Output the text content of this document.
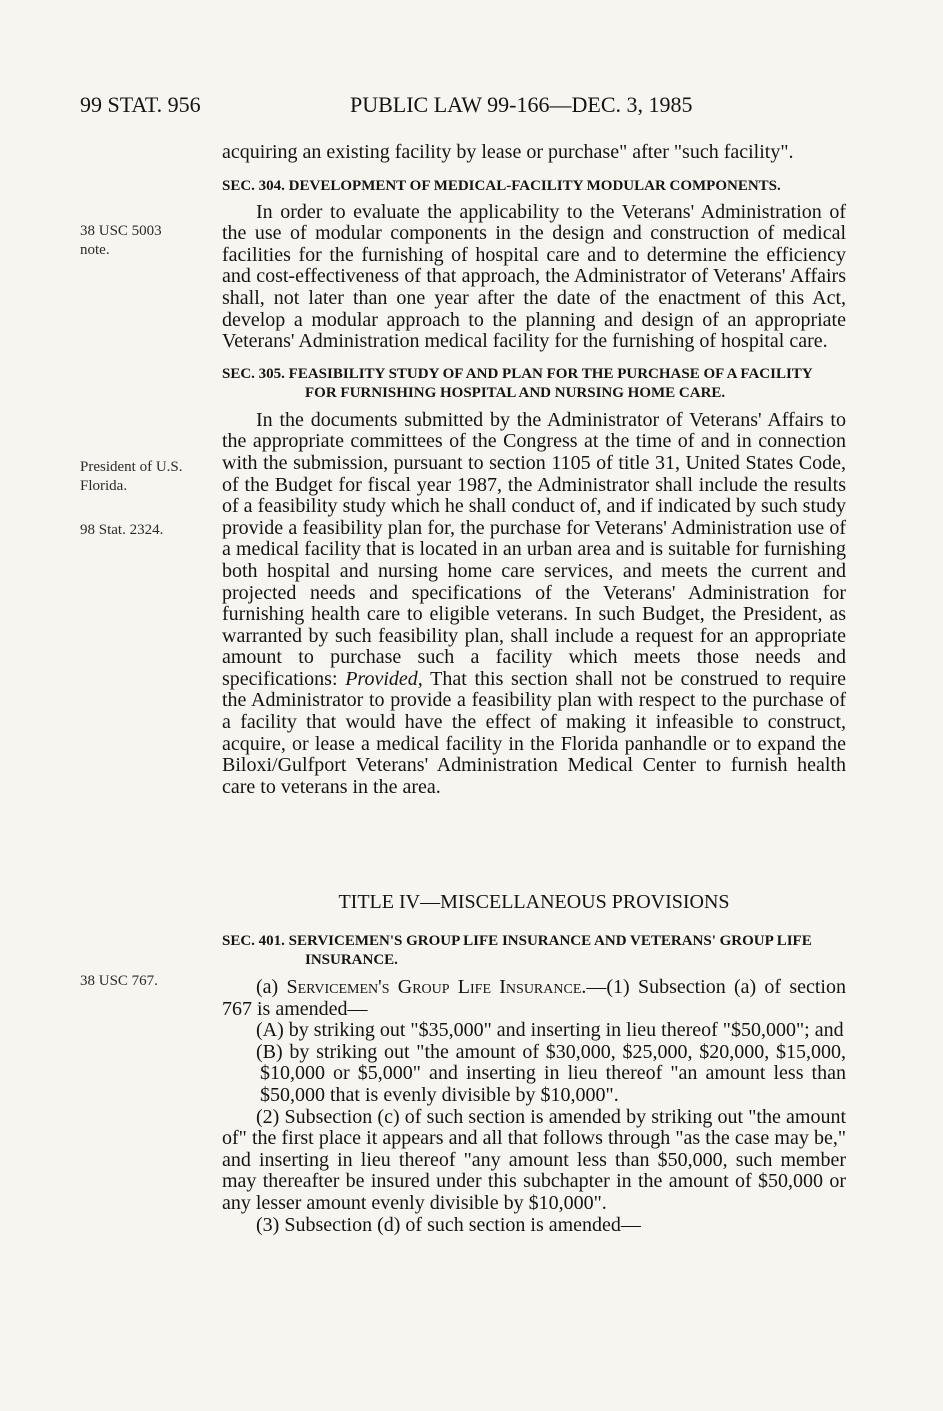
99 STAT. 956	PUBLIC LAW 99-166—DEC. 3, 1985
38 USC 5003 note.
President of U.S. Florida.
98 Stat. 2324.
38 USC 767.

acquiring an existing facility by lease or purchase" after "such facility".

SEC. 304. DEVELOPMENT OF MEDICAL-FACILITY MODULAR COMPONENTS.

In order to evaluate the applicability to the Veterans' Administration of the use of modular components in the design and construction of medical facilities for the furnishing of hospital care and to determine the efficiency and cost-effectiveness of that approach, the Administrator of Veterans' Affairs shall, not later than one year after the date of the enactment of this Act, develop a modular approach to the planning and design of an appropriate Veterans' Administration medical facility for the furnishing of hospital care.

SEC. 305. FEASIBILITY STUDY OF AND PLAN FOR THE PURCHASE OF A FACILITY FOR FURNISHING HOSPITAL AND NURSING HOME CARE.

In the documents submitted by the Administrator of Veterans' Affairs to the appropriate committees of the Congress at the time of and in connection with the submission, pursuant to section 1105 of title 31, United States Code, of the Budget for fiscal year 1987, the Administrator shall include the results of a feasibility study which he shall conduct of, and if indicated by such study provide a feasibility plan for, the purchase for Veterans' Administration use of a medical facility that is located in an urban area and is suitable for furnishing both hospital and nursing home care services, and meets the current and projected needs and specifications of the Veterans' Administration for furnishing health care to eligible veterans. In such Budget, the President, as warranted by such feasibility plan, shall include a request for an appropriate amount to purchase such a facility which meets those needs and specifications: Provided, That this section shall not be construed to require the Administrator to provide a feasibility plan with respect to the purchase of a facility that would have the effect of making it infeasible to construct, acquire, or lease a medical facility in the Florida panhandle or to expand the Biloxi/Gulfport Veterans' Administration Medical Center to furnish health care to veterans in the area.

TITLE IV—MISCELLANEOUS PROVISIONS

SEC. 401. SERVICEMEN'S GROUP LIFE INSURANCE AND VETERANS' GROUP LIFE INSURANCE.

(a) Servicemen's Group Life Insurance.—(1) Subsection (a) of section 767 is amended—

(A) by striking out "$35,000" and inserting in lieu thereof "$50,000"; and

(B) by striking out "the amount of $30,000, $25,000, $20,000, $15,000, $10,000 or $5,000" and inserting in lieu thereof "an amount less than $50,000 that is evenly divisible by $10,000".

(2) Subsection (c) of such section is amended by striking out "the amount of" the first place it appears and all that follows through "as the case may be," and inserting in lieu thereof "any amount less than $50,000, such member may thereafter be insured under this subchapter in the amount of $50,000 or any lesser amount evenly divisible by $10,000".

(3) Subsection (d) of such section is amended—
